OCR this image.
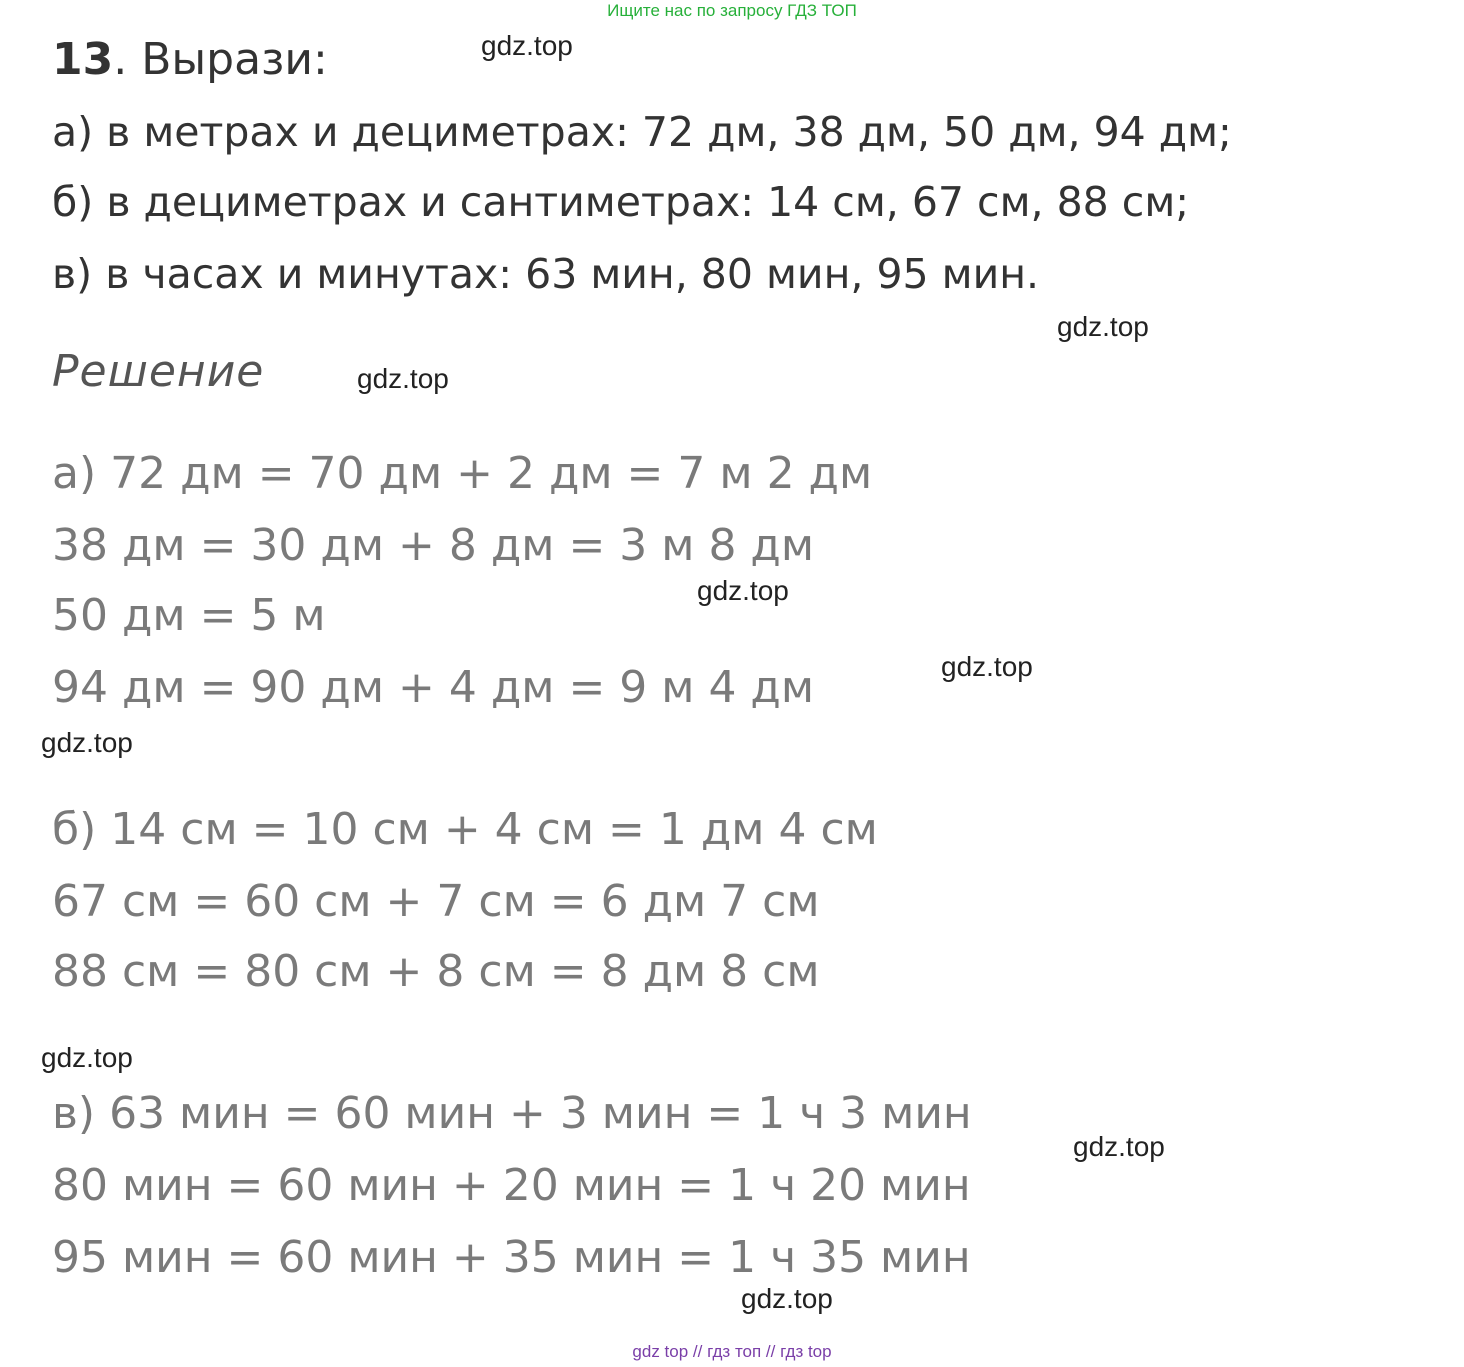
Ищите нас по запросу ГДЗ ТОП
13. Вырази:
а) в метрах и дециметрах: 72 дм, 38 дм, 50 дм, 94 дм;
б) в дециметрах и сантиметрах: 14 см, 67 см, 88 см;
в) в часах и минутах: 63 мин, 80 мин, 95 мин.
Решение
а) 72 дм = 70 дм + 2 дм = 7 м 2 дм
38 дм = 30 дм + 8 дм = 3 м 8 дм
50 дм = 5 м
94 дм = 90 дм + 4 дм = 9 м 4 дм
б) 14 см = 10 см + 4 см = 1 дм 4 см
67 см = 60 см + 7 см = 6 дм 7 см
88 см = 80 см + 8 см = 8 дм 8 см
в) 63 мин = 60 мин + 3 мин = 1 ч 3 мин
80 мин = 60 мин + 20 мин = 1 ч 20 мин
95 мин = 60 мин + 35 мин = 1 ч 35 мин
gdz.top
gdz.top
gdz.top
gdz.top
gdz.top
gdz.top
gdz.top
gdz.top
gdz.top
gdz top // гдз топ // гдз top
